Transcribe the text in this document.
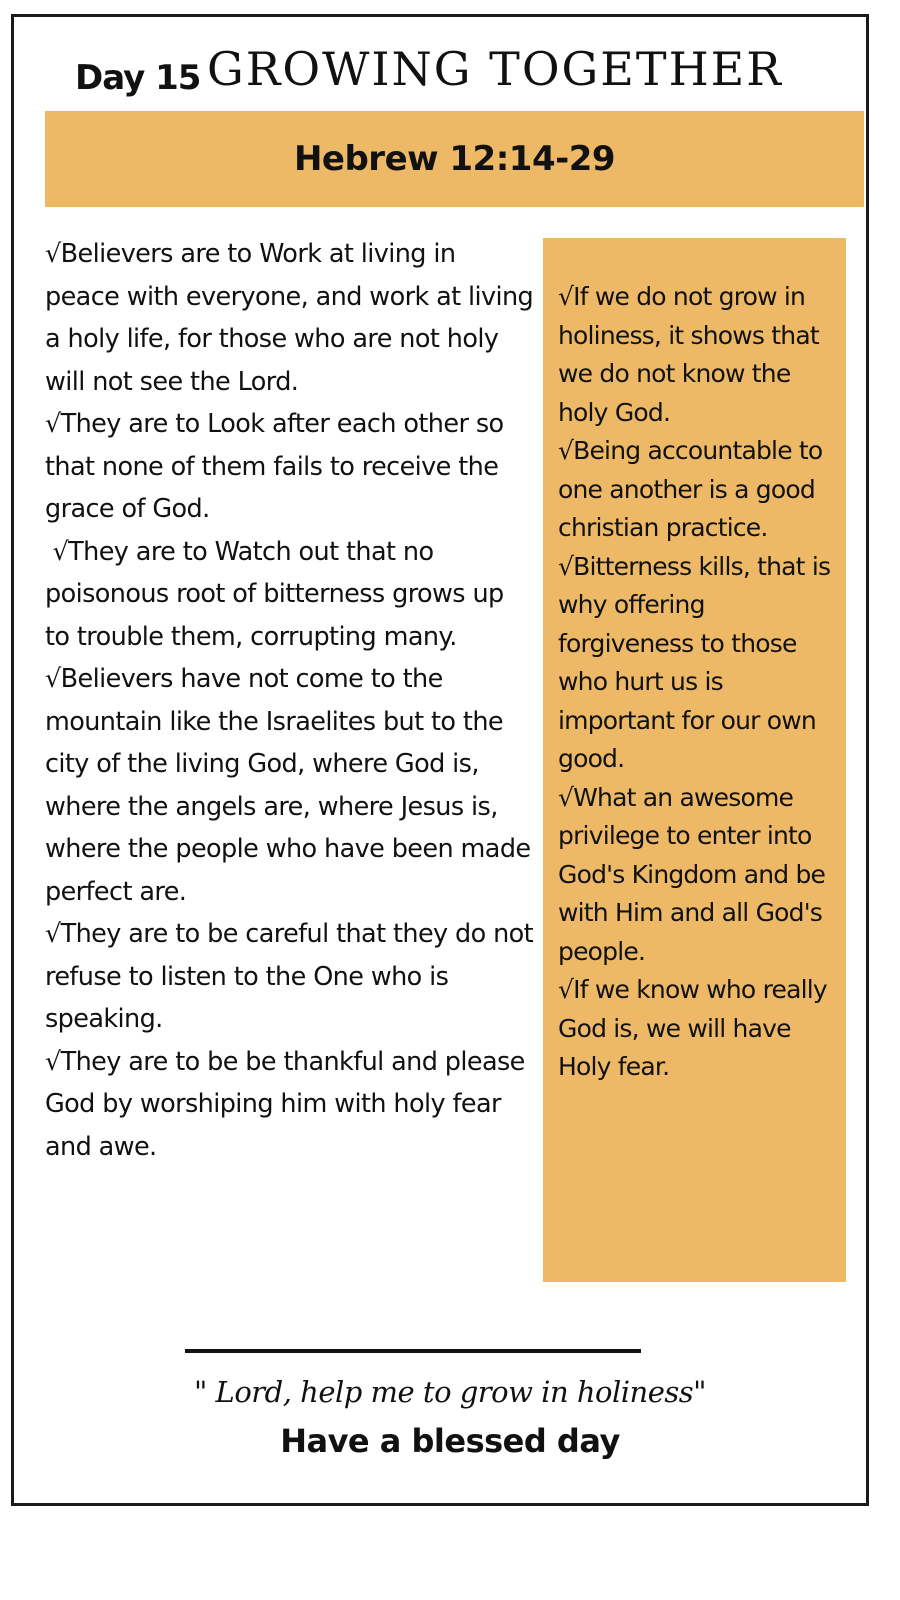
Day 15 GROWING TOGETHER
Hebrew 12:14-29

√Believers are to Work at living in peace with everyone, and work at living a holy life, for those who are not holy will not see the Lord.

√They are to Look after each other so that none of them fails to receive the grace of God.

√They are to Watch out that no poisonous root of bitterness grows up to trouble them, corrupting many.

√Believers have not come to the mountain like the Israelites but to the city of the living God, where God is, where the angels are, where Jesus is, where the people who have been made perfect are.

√They are to be careful that they do not refuse to listen to the One who is speaking.

√They are to be be thankful and please God by worshiping him with holy fear and awe.

√If we do not grow in holiness, it shows that we do not know the holy God.

√Being accountable to one another is a good christian practice.

√Bitterness kills, that is why offering forgiveness to those who hurt us is important for our own good.

√What an awesome privilege to enter into God's Kingdom and be with Him and all God's people.

√If we know who really God is, we will have Holy fear.

" Lord, help me to grow in holiness"
Have a blessed day
